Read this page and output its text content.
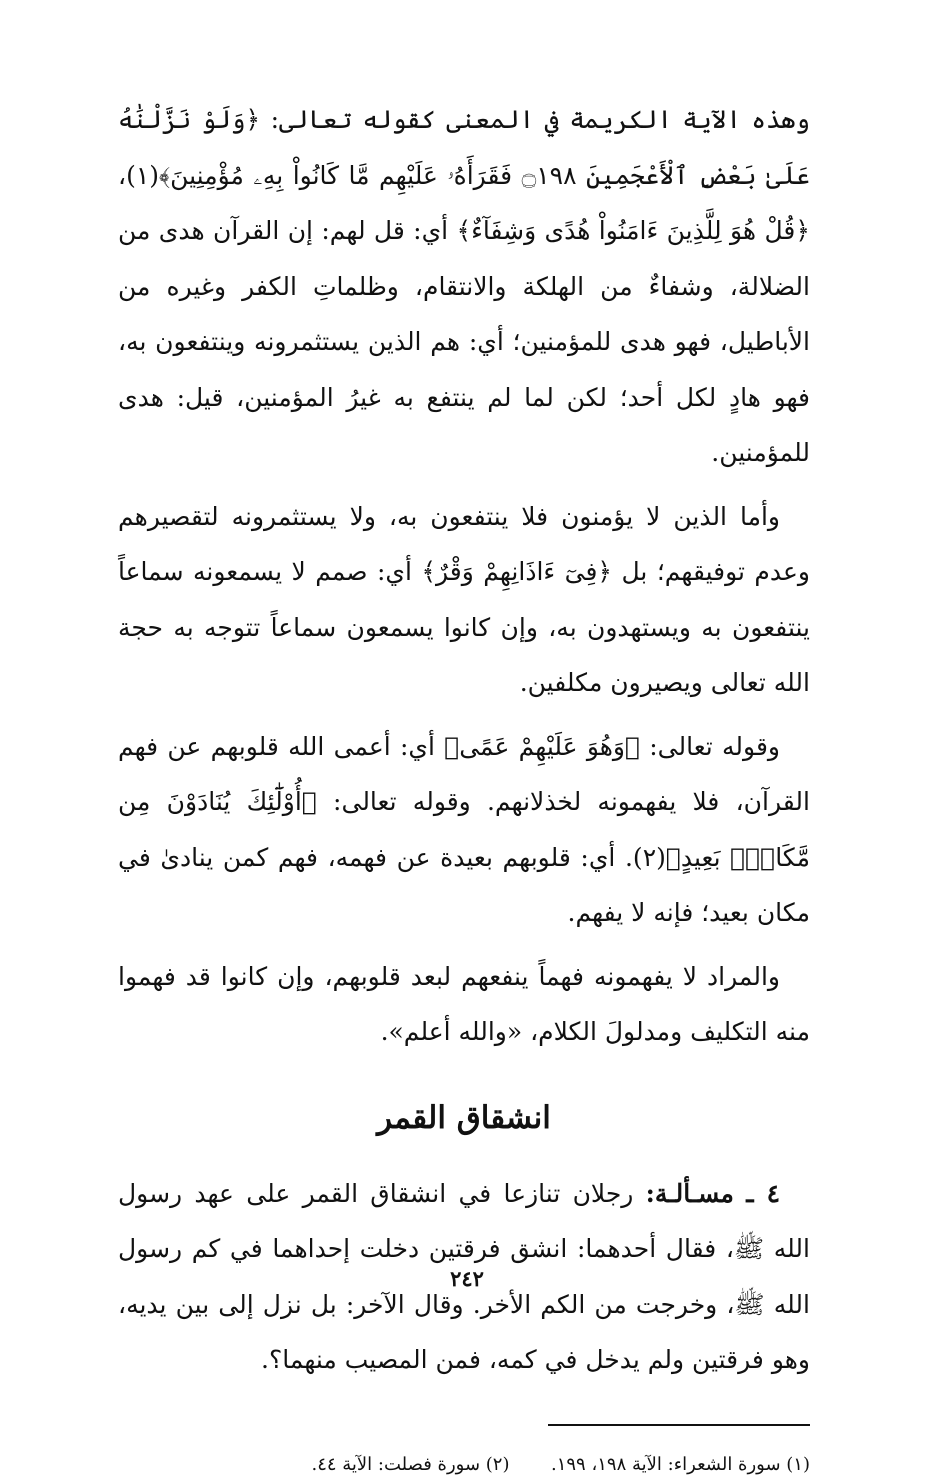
وهذه الآية الكريمة في المعنى كقوله تعالى: ﴿وَلَوْ نَزَّلْنَٰهُ عَلَىٰ بَعْضِ ٱلْأَعْجَمِينَ ۝١٩٨ فَقَرَأَهُۥ عَلَيْهِم مَّا كَانُواْ بِهِۦ مُؤْمِنِينَ﴾(١)، ﴿قُلْ هُوَ لِلَّذِينَ ءَامَنُواْ هُدًى وَشِفَآءٌ﴾ أي: قل لهم: إن القرآن هدى من الضلالة، وشفاءٌ من الهلكة والانتقام، وظلماتِ الكفر وغيره من الأباطيل، فهو هدى للمؤمنين؛ أي: هم الذين يستثمرونه وينتفعون به، فهو هادٍ لكل أحد؛ لكن لما لم ينتفع به غيرُ المؤمنين، قيل: هدى للمؤمنين.

وأما الذين لا يؤمنون فلا ينتفعون به، ولا يستثمرونه لتقصيرهم وعدم توفيقهم؛ بل ﴿فِىٓ ءَاذَانِهِمْ وَقْرٌ﴾ أي: صمم لا يسمعونه سماعاً ينتفعون به ويستهدون به، وإن كانوا يسمعون سماعاً تتوجه به حجة الله تعالى ويصيرون مكلفين.

وقوله تعالى: ﴿وَهُوَ عَلَيْهِمْ عَمًى﴾ أي: أعمى الله قلوبهم عن فهم القرآن، فلا يفهمونه لخذلانهم. وقوله تعالى: ﴿أُوْلَٰٓئِكَ يُنَادَوْنَ مِن مَّكَانٍۭ بَعِيدٍ﴾(٢). أي: قلوبهم بعيدة عن فهمه، فهم كمن ينادىٰ في مكان بعيد؛ فإنه لا يفهم.

والمراد لا يفهمونه فهماً ينفعهم لبعد قلوبهم، وإن كانوا قد فهموا منه التكليف ومدلولَ الكلام، «والله أعلم».

انشقاق القمر

٤ ـ مسـألـة: رجلان تنازعا في انشقاق القمر على عهد رسول الله ﷺ، فقال أحدهما: انشق فرقتين دخلت إحداهما في كم رسول الله ﷺ، وخرجت من الكم الأخر. وقال الآخر: بل نزل إلى بين يديه، وهو فرقتين ولم يدخل في كمه، فمن المصيب منهما؟.

(١) سورة الشعراء: الآية ١٩٨، ١٩٩.  (٢) سورة فصلت: الآية ٤٤.
٢٤٢
